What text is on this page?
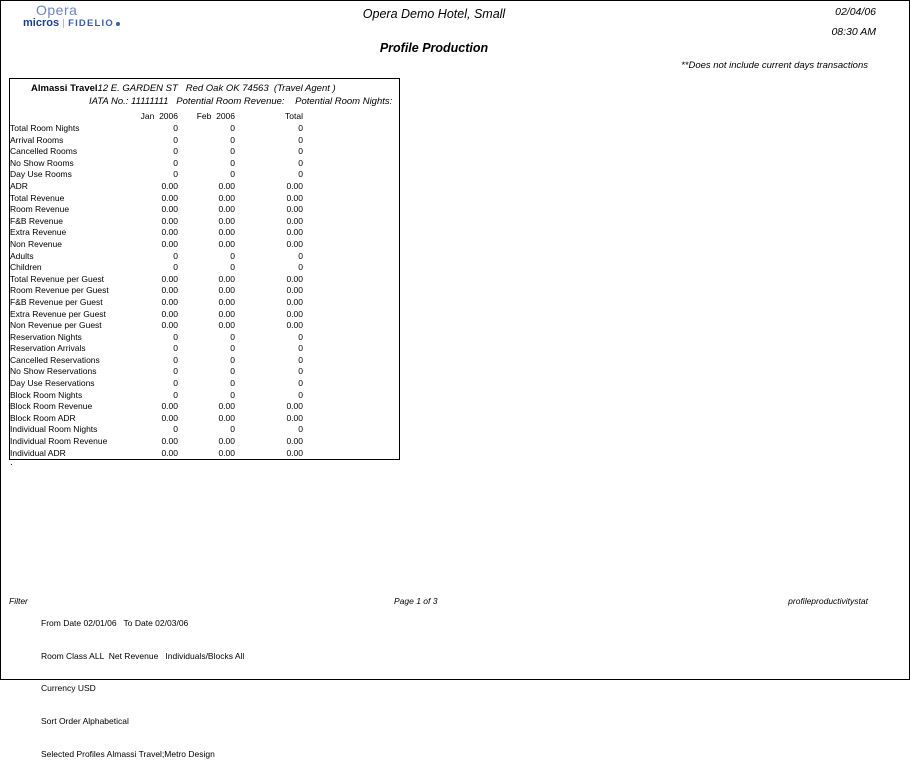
Opera
micros FIDELIO
Opera Demo Hotel, Small
Profile Production
02/04/06
08:30 AM
**Does not include current days transactions
Almassi Travel12 E. GARDEN ST   Red Oak OK 74563  (Travel Agent )
IATA No.: 11111111   Potential Room Revenue:    Potential Room Nights:
	Jan  2006	Feb  2006	Total	
Total Room Nights	0	0	0	
Arrival Rooms	0	0	0	
Cancelled Rooms	0	0	0	
No Show Rooms	0	0	0	
Day Use Rooms	0	0	0	
ADR	0.00	0.00	0.00	
Total Revenue	0.00	0.00	0.00	
Room Revenue	0.00	0.00	0.00	
F&B Revenue	0.00	0.00	0.00	
Extra Revenue	0.00	0.00	0.00	
Non Revenue	0.00	0.00	0.00	
Adults	0	0	0	
Children	0	0	0	
Total Revenue per Guest	0.00	0.00	0.00	
Room Revenue per Guest	0.00	0.00	0.00	
F&B Revenue per Guest	0.00	0.00	0.00	
Extra Revenue per Guest	0.00	0.00	0.00	
Non Revenue per Guest	0.00	0.00	0.00	
Reservation Nights	0	0	0	
Reservation Arrivals	0	0	0	
Cancelled Reservations	0	0	0	
No Show Reservations	0	0	0	
Day Use Reservations	0	0	0	
Block Room Nights	0	0	0	
Block Room Revenue	0.00	0.00	0.00	
Block Room ADR	0.00	0.00	0.00	
Individual Room Nights	0	0	0	
Individual Room Revenue	0.00	0.00	0.00	
Individual ADR	0.00	0.00	0.00	
.
Filter

From Date 02/01/06   To Date 02/03/06

Room Class ALL  Net Revenue   Individuals/Blocks All

Currency USD

Sort Order Alphabetical

Selected Profiles Almassi Travel;Metro Design

Page 1 of 3	profileproductivitystat
